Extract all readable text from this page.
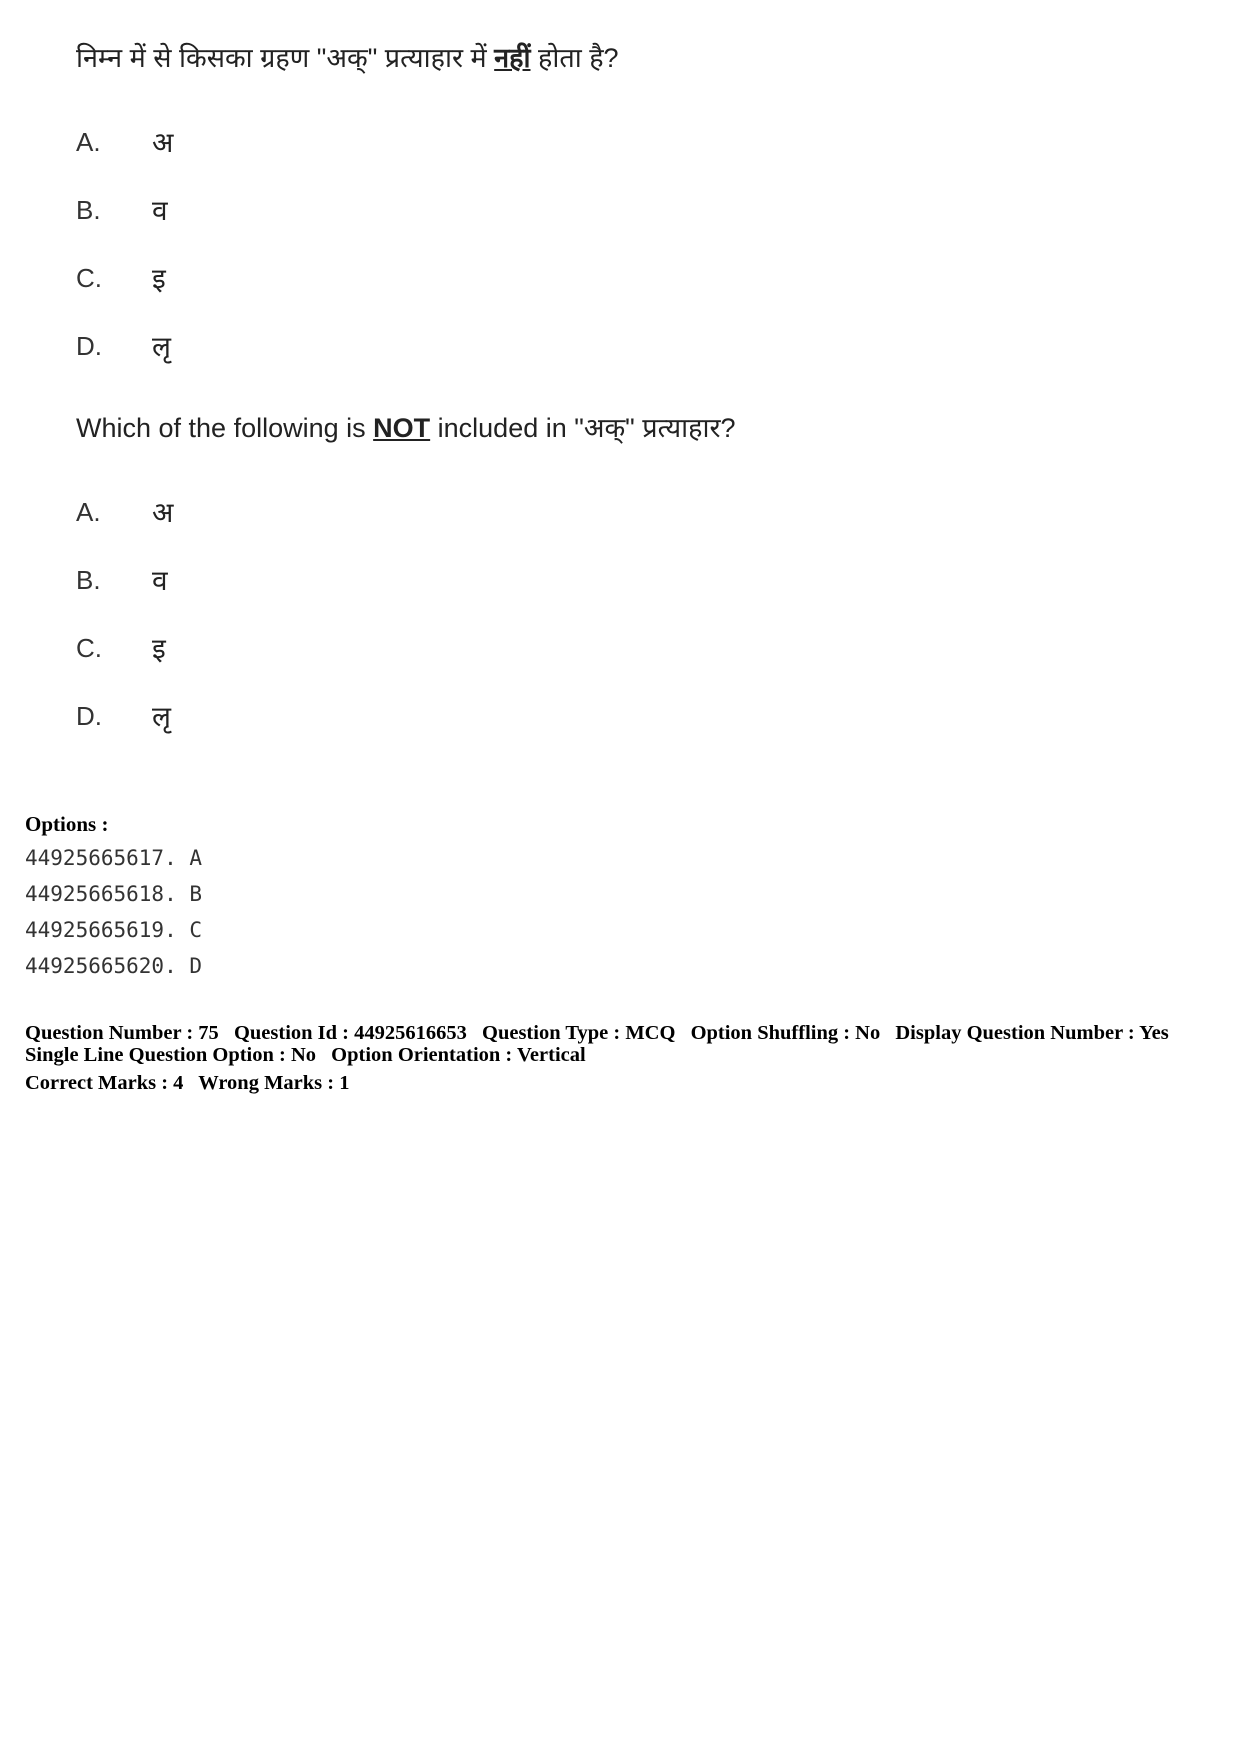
निम्न में से किसका ग्रहण "अक्" प्रत्याहार में नहीं होता है?

A.	अ
B.	व
C.	इ
D.	लृ

Which of the following is NOT included in "अक्" प्रत्याहार?

A.	अ
B.	व
C.	इ
D.	लृ
Options :
44925665617. A
44925665618. B
44925665619. C
44925665620. D
Question Number : 75 Question Id : 44925616653 Question Type : MCQ Option Shuffling : No Display Question Number : Yes
Single Line Question Option : No Option Orientation : Vertical
Correct Marks : 4 Wrong Marks : 1
